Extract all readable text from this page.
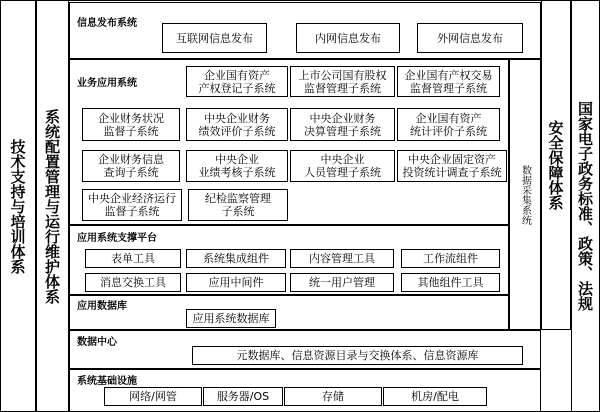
技术支持与培训体系 系统配置管理与运行维护体系	安全保障体系 国家电子政务标准、政策、法规
信息发布系统
互联网信息发布	内网信息发布	外网信息发布
业务应用系统
数据采集系统
企业国有资产
产权登记子系统
上市公司国有股权
监督管理子系统
企业国有产权交易
监督管理子系统
企业财务状况
监督子系统
中央企业财务
绩效评价子系统
中央企业财务
决算管理子系统
企业国有资产
统计评价子系统
企业财务信息
查询子系统
中央企业
业绩考核子系统
中央企业
人员管理子系统
中央企业固定资产
投资统计调查子系统
中央企业经济运行
监督子系统
纪检监察管理
子系统
应用系统支撑平台
表单工具	系统集成组件	内容管理工具	工作流组件
消息交换工具	应用中间件	统一用户管理	其他组件工具
应用数据库
应用系统数据库
数据中心
元数据库、信息资源目录与交换体系、信息资源库
系统基础设施
网络/网管	服务器/OS	存储	机房/配电
